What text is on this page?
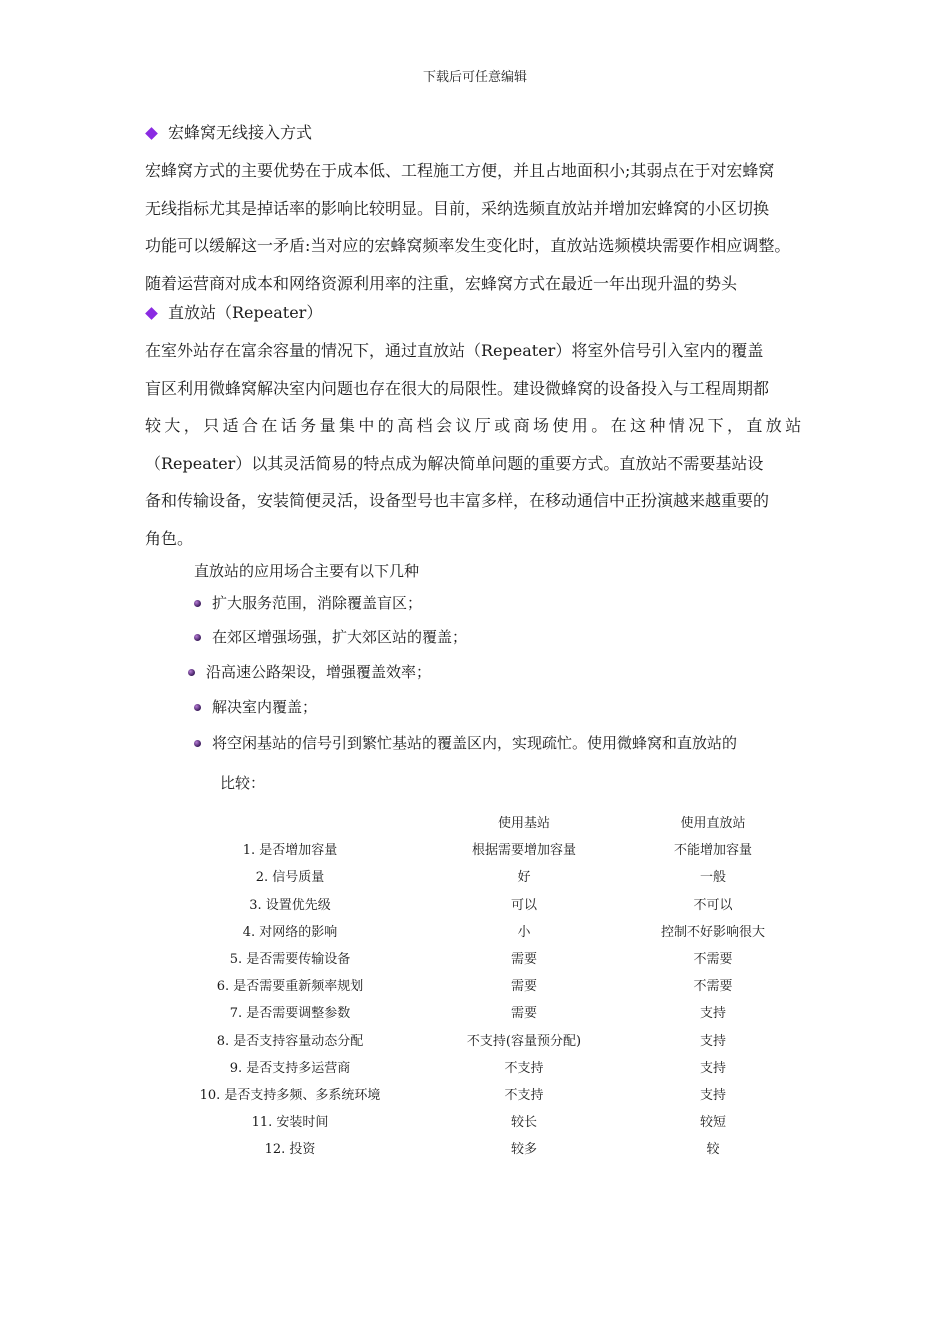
下载后可任意编辑
宏蜂窝无线接入方式

宏蜂窝方式的主要优势在于成本低、工程施工方便，并且占地面积小;其弱点在于对宏蜂窝

无线指标尤其是掉话率的影响比较明显。目前，采纳选频直放站并增加宏蜂窝的小区切换

功能可以缓解这一矛盾:当对应的宏蜂窝频率发生变化时，直放站选频模块需要作相应调整。

随着运营商对成本和网络资源利用率的注重，宏蜂窝方式在最近一年出现升温的势头

直放站（Repeater）

在室外站存在富余容量的情况下，通过直放站（Repeater）将室外信号引入室内的覆盖

盲区利用微蜂窝解决室内问题也存在很大的局限性。建设微蜂窝的设备投入与工程周期都

较大，只适合在话务量集中的高档会议厅或商场使用。在这种情况下，直放站

（Repeater）以其灵活简易的特点成为解决简单问题的重要方式。直放站不需要基站设

备和传输设备，安装简便灵活，设备型号也丰富多样，在移动通信中正扮演越来越重要的

角色。

直放站的应用场合主要有以下几种
扩大服务范围，消除覆盖盲区；
在郊区增强场强，扩大郊区站的覆盖；
沿高速公路架设，增强覆盖效率；
解决室内覆盖；
将空闲基站的信号引到繁忙基站的覆盖区内，实现疏忙。使用微蜂窝和直放站的
比较：
	使用基站	使用直放站
1. 是否增加容量	根据需要增加容量	不能增加容量
2. 信号质量	好	一般
3. 设置优先级	可以	不可以
4. 对网络的影响	小	控制不好影响很大
5. 是否需要传输设备	需要	不需要
6. 是否需要重新频率规划	需要	不需要
7. 是否需要调整参数	需要	支持
8. 是否支持容量动态分配	不支持(容量预分配)	支持
9. 是否支持多运营商	不支持	支持
10. 是否支持多频、多系统环境	不支持	支持
11. 安装时间	较长	较短
12. 投资	较多	较
